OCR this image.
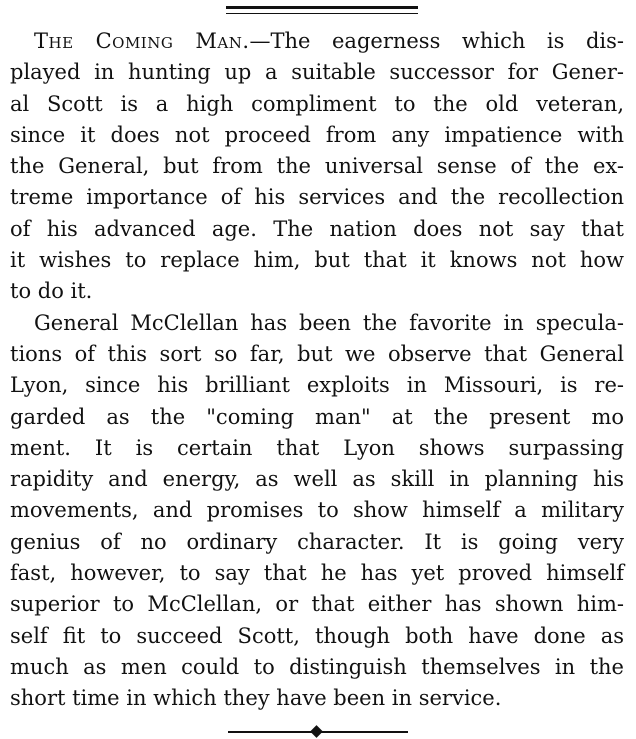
The Coming Man.—The eagerness which is dis-
played in hunting up a suitable successor for Gener-
al Scott is a high compliment to the old veteran,
since it does not proceed from any impatience with
the General, but from the universal sense of the ex-
treme importance of his services and the recollection
of his advanced age. The nation does not say that
it wishes to replace him, but that it knows not how
to do it.
General McClellan has been the favorite in specula-
tions of this sort so far, but we observe that General
Lyon, since his brilliant exploits in Missouri, is re-
garded as the "coming man" at the present mo
ment. It is certain that Lyon shows surpassing
rapidity and energy, as well as skill in planning his
movements, and promises to show himself a military
genius of no ordinary character. It is going very
fast, however, to say that he has yet proved himself
superior to McClellan, or that either has shown him-
self fit to succeed Scott, though both have done as
much as men could to distinguish themselves in the
short time in which they have been in service.
